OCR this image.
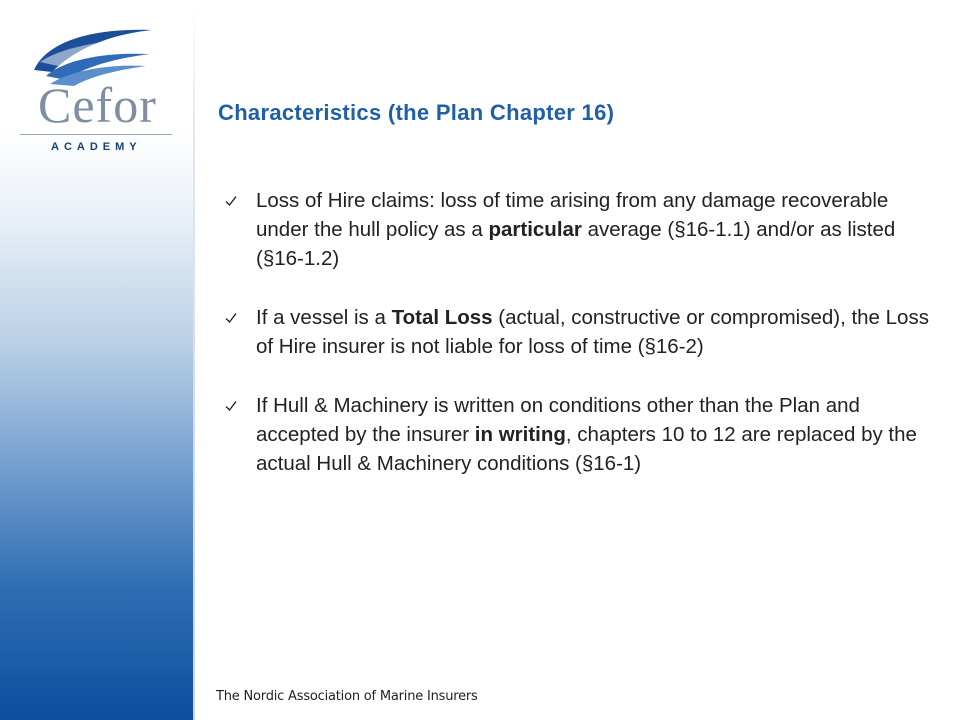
Cefor
ACADEMY
Characteristics (the Plan Chapter 16)
Loss of Hire claims: loss of time arising from any damage recoverable under the hull policy as a particular average (§16-1.1) and/or as listed (§16-1.2)
If a vessel is a Total Loss (actual, constructive or compromised), the Loss of Hire insurer is not liable for loss of time (§16-2)
If Hull & Machinery is written on conditions other than the Plan and accepted by the insurer in writing, chapters 10 to 12 are replaced by the actual Hull & Machinery conditions (§16-1)
The Nordic Association of Marine Insurers
